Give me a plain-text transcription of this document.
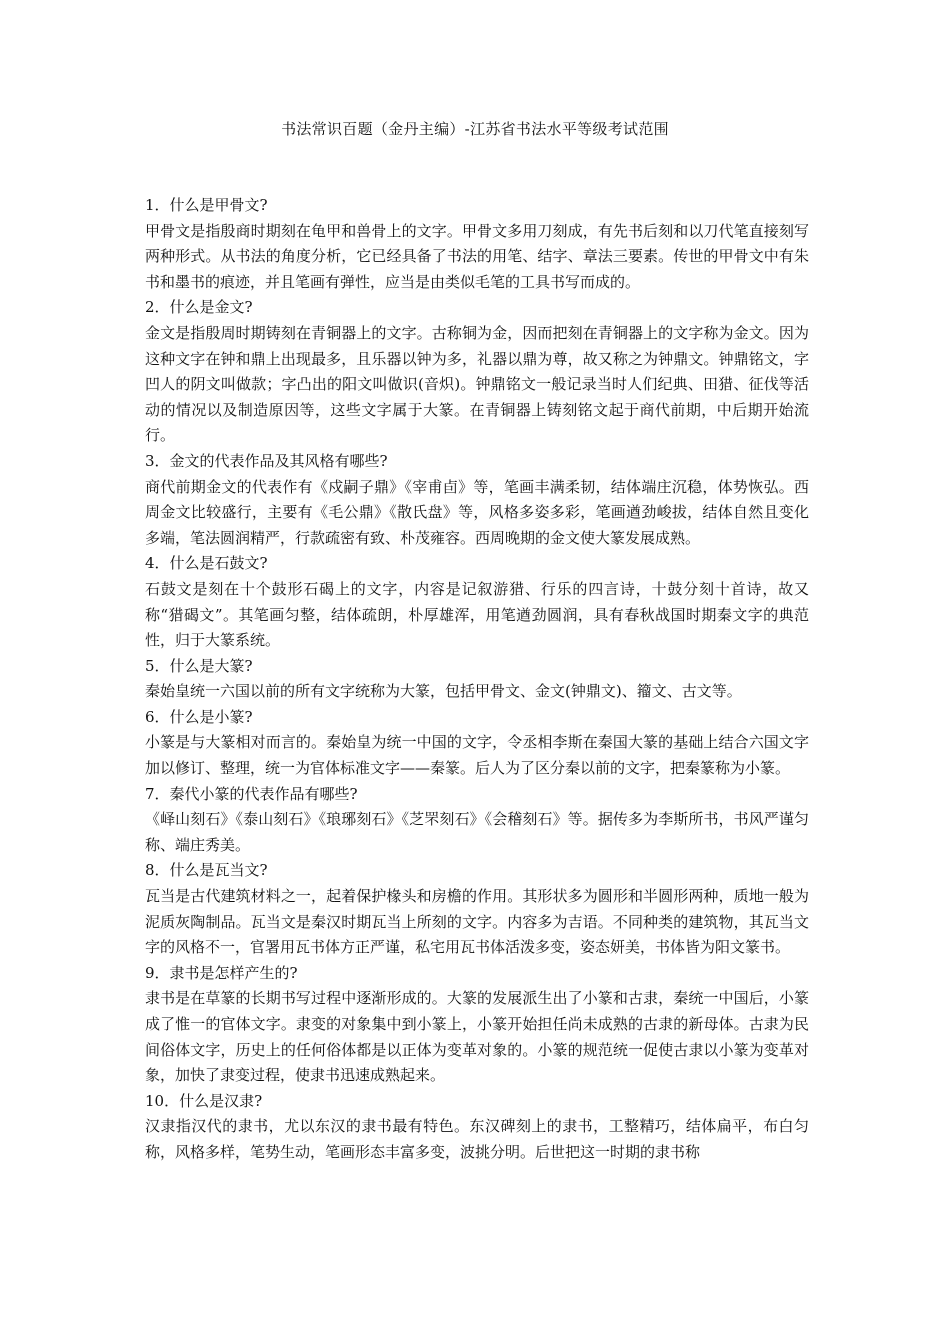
书法常识百题（金丹主编）-江苏省书法水平等级考试范围

1．什么是甲骨文?

甲骨文是指殷商时期刻在龟甲和兽骨上的文字。甲骨文多用刀刻成，有先书后刻和以刀代笔直接刻写两种形式。从书法的角度分析，它已经具备了书法的用笔、结字、章法三要素。传世的甲骨文中有朱书和墨书的痕迹，并且笔画有弹性，应当是由类似毛笔的工具书写而成的。

2．什么是金文?

金文是指殷周时期铸刻在青铜器上的文字。古称铜为金，因而把刻在青铜器上的文字称为金文。因为这种文字在钟和鼎上出现最多，且乐器以钟为多，礼器以鼎为尊，故又称之为钟鼎文。钟鼎铭文，字凹人的阴文叫做款；字凸出的阳文叫做识(音炽)。钟鼎铭文一般记录当时人们纪典、田猎、征伐等活动的情况以及制造原因等，这些文字属于大篆。在青铜器上铸刻铭文起于商代前期，中后期开始流行。

3．金文的代表作品及其风格有哪些?

商代前期金文的代表作有《戍嗣子鼎》《宰甫卣》等，笔画丰满柔韧，结体端庄沉稳，体势恢弘。西周金文比较盛行，主要有《毛公鼎》《散氏盘》等，风格多姿多彩，笔画遒劲峻拔，结体自然且变化多端，笔法圆润精严，行款疏密有致、朴茂雍容。西周晚期的金文使大篆发展成熟。

4．什么是石鼓文?

石鼓文是刻在十个鼓形石碣上的文字，内容是记叙游猎、行乐的四言诗，十鼓分刻十首诗，故又称“猎碣文”。其笔画匀整，结体疏朗，朴厚雄浑，用笔遒劲圆润，具有春秋战国时期秦文字的典范性，归于大篆系统。

5．什么是大篆?

秦始皇统一六国以前的所有文字统称为大篆，包括甲骨文、金文(钟鼎文)、籀文、古文等。

6．什么是小篆?

小篆是与大篆相对而言的。秦始皇为统一中国的文字，令丞相李斯在秦国大篆的基础上结合六国文字加以修订、整理，统一为官体标准文字——秦篆。后人为了区分秦以前的文字，把秦篆称为小篆。

7．秦代小篆的代表作品有哪些?

《峄山刻石》《泰山刻石》《琅琊刻石》《芝罘刻石》《会稽刻石》等。据传多为李斯所书，书风严谨匀称、端庄秀美。

8．什么是瓦当文?

瓦当是古代建筑材料之一，起着保护椽头和房檐的作用。其形状多为圆形和半圆形两种，质地一般为泥质灰陶制品。瓦当文是秦汉时期瓦当上所刻的文字。内容多为吉语。不同种类的建筑物，其瓦当文字的风格不一，官署用瓦书体方正严谨，私宅用瓦书体活泼多变，姿态妍美，书体皆为阳文篆书。

9．隶书是怎样产生的?

隶书是在草篆的长期书写过程中逐渐形成的。大篆的发展派生出了小篆和古隶，秦统一中国后，小篆成了惟一的官体文字。隶变的对象集中到小篆上，小篆开始担任尚未成熟的古隶的新母体。古隶为民间俗体文字，历史上的任何俗体都是以正体为变革对象的。小篆的规范统一促使古隶以小篆为变革对象，加快了隶变过程，使隶书迅速成熟起来。

10．什么是汉隶?

汉隶指汉代的隶书，尤以东汉的隶书最有特色。东汉碑刻上的隶书，工整精巧，结体扁平，布白匀称，风格多样，笔势生动，笔画形态丰富多变，波挑分明。后世把这一时期的隶书称
